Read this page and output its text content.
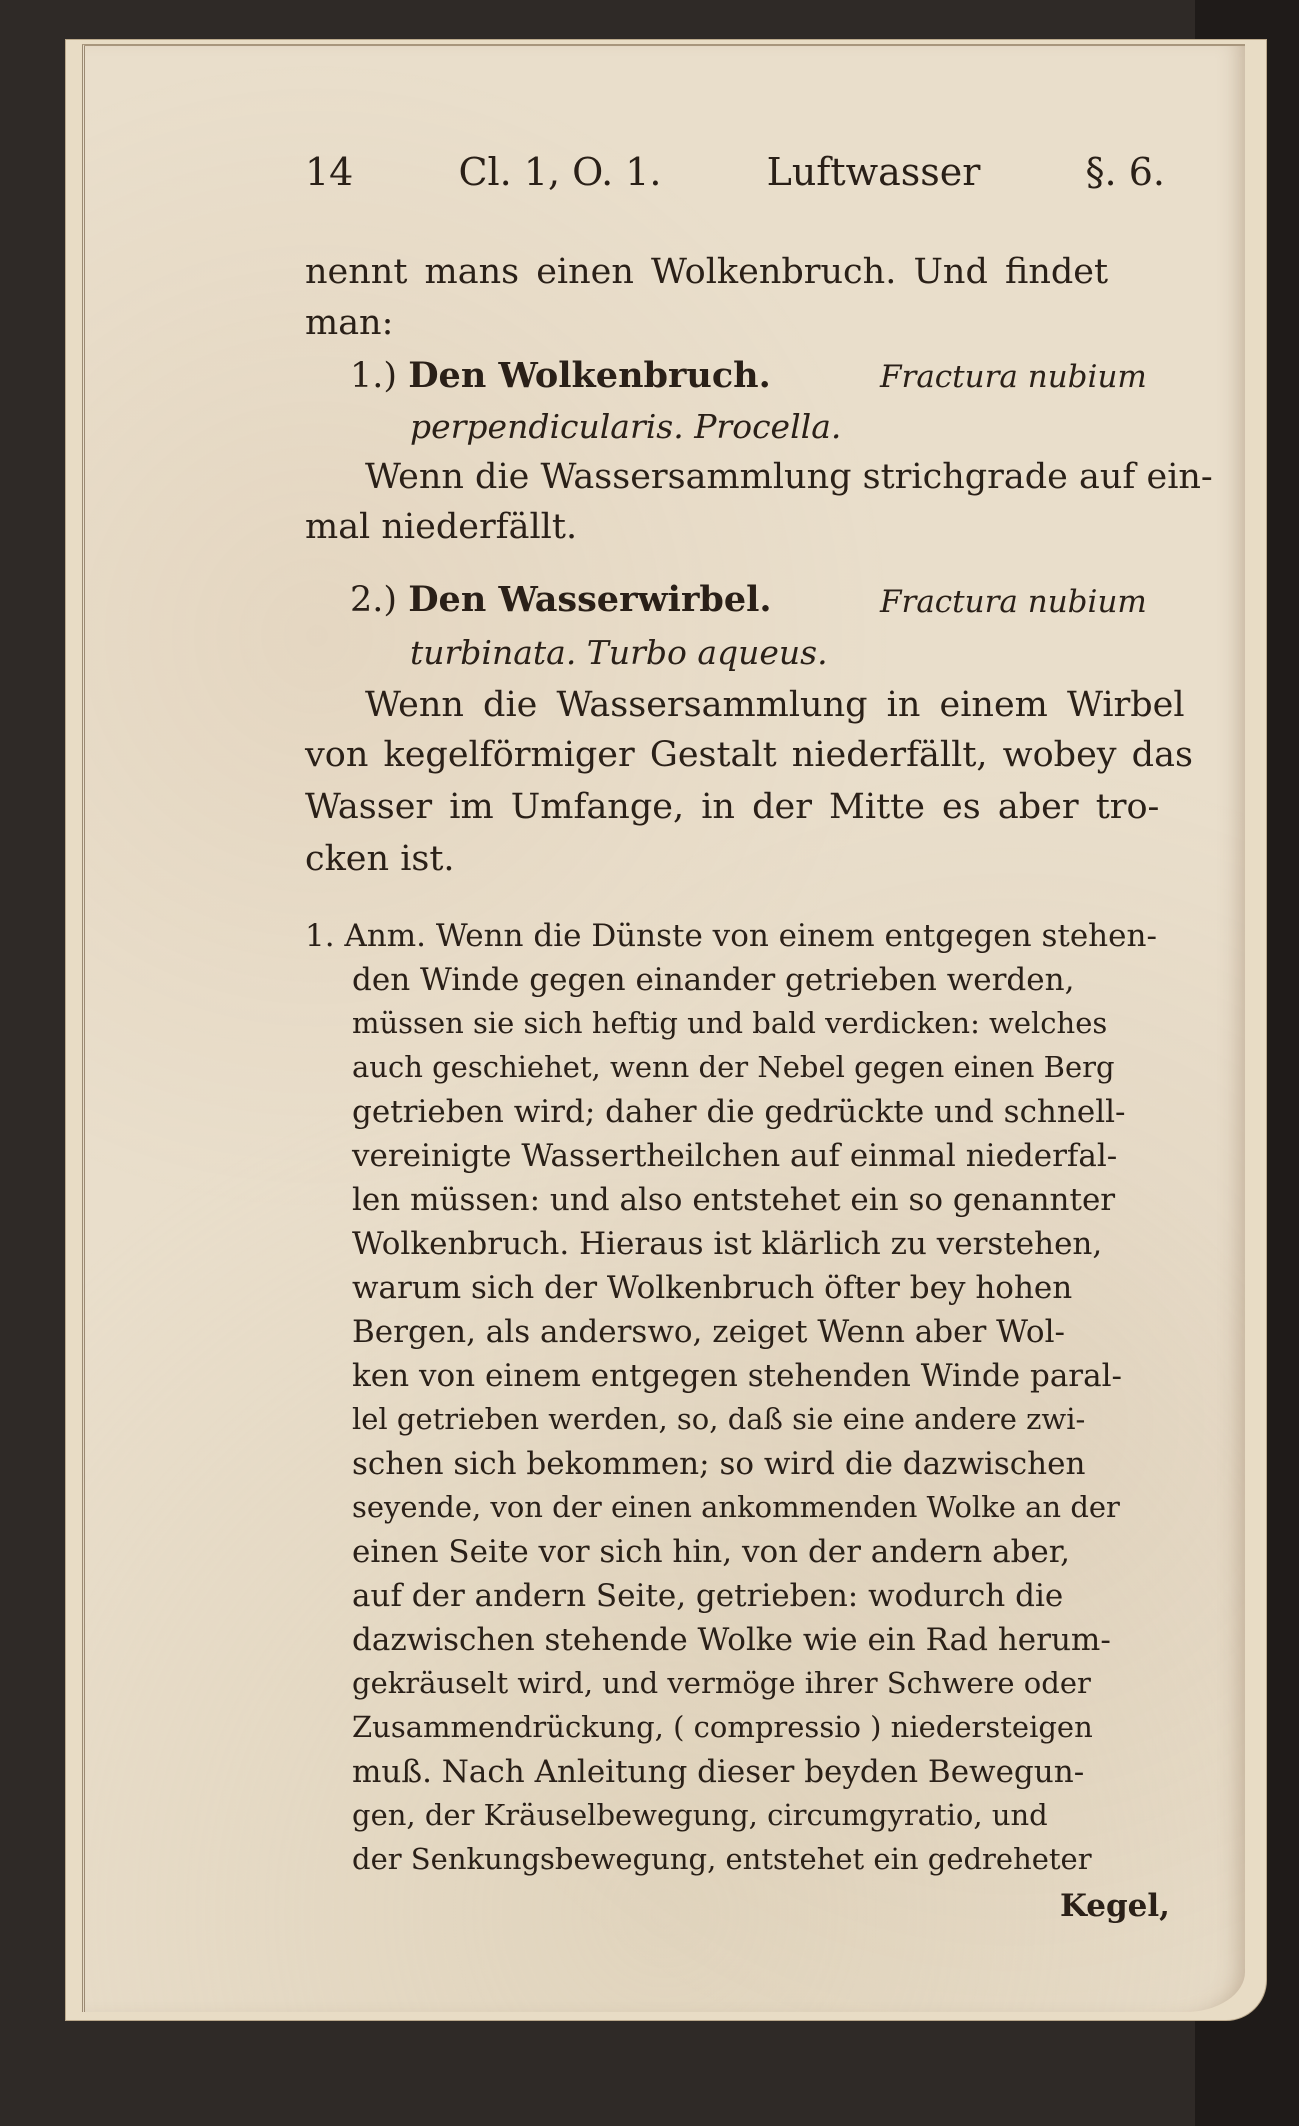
14	Cl. 1, O. 1.	Luftwasser	§. 6.
nennt mans einen Wolkenbruch. Und findet
man:
1.) Den Wolkenbruch.	Fractura nubium
perpendicularis. Procella.
Wenn die Wassersammlung strichgrade auf ein-
mal niederfällt.
2.) Den Wasserwirbel.	Fractura nubium
turbinata. Turbo aqueus.
Wenn die Wassersammlung in einem Wirbel
von kegelförmiger Gestalt niederfällt, wobey das
Wasser im Umfange, in der Mitte es aber tro-
cken ist.
1. Anm. Wenn die Dünste von einem entgegen stehen-
den Winde gegen einander getrieben werden,
müssen sie sich heftig und bald verdicken: welches
auch geschiehet, wenn der Nebel gegen einen Berg
getrieben wird; daher die gedrückte und schnell-
vereinigte Wassertheilchen auf einmal niederfal-
len müssen: und also entstehet ein so genannter
Wolkenbruch. Hieraus ist klärlich zu verstehen,
warum sich der Wolkenbruch öfter bey hohen
Bergen, als anderswo, zeiget Wenn aber Wol-
ken von einem entgegen stehenden Winde paral-
lel getrieben werden, so, daß sie eine andere zwi-
schen sich bekommen; so wird die dazwischen
seyende, von der einen ankommenden Wolke an der
einen Seite vor sich hin, von der andern aber,
auf der andern Seite, getrieben: wodurch die
dazwischen stehende Wolke wie ein Rad herum-
gekräuselt wird, und vermöge ihrer Schwere oder
Zusammendrückung, ( compressio ) niedersteigen
muß. Nach Anleitung dieser beyden Bewegun-
gen, der Kräuselbewegung, circumgyratio, und
der Senkungsbewegung, entstehet ein gedreheter
Kegel,
